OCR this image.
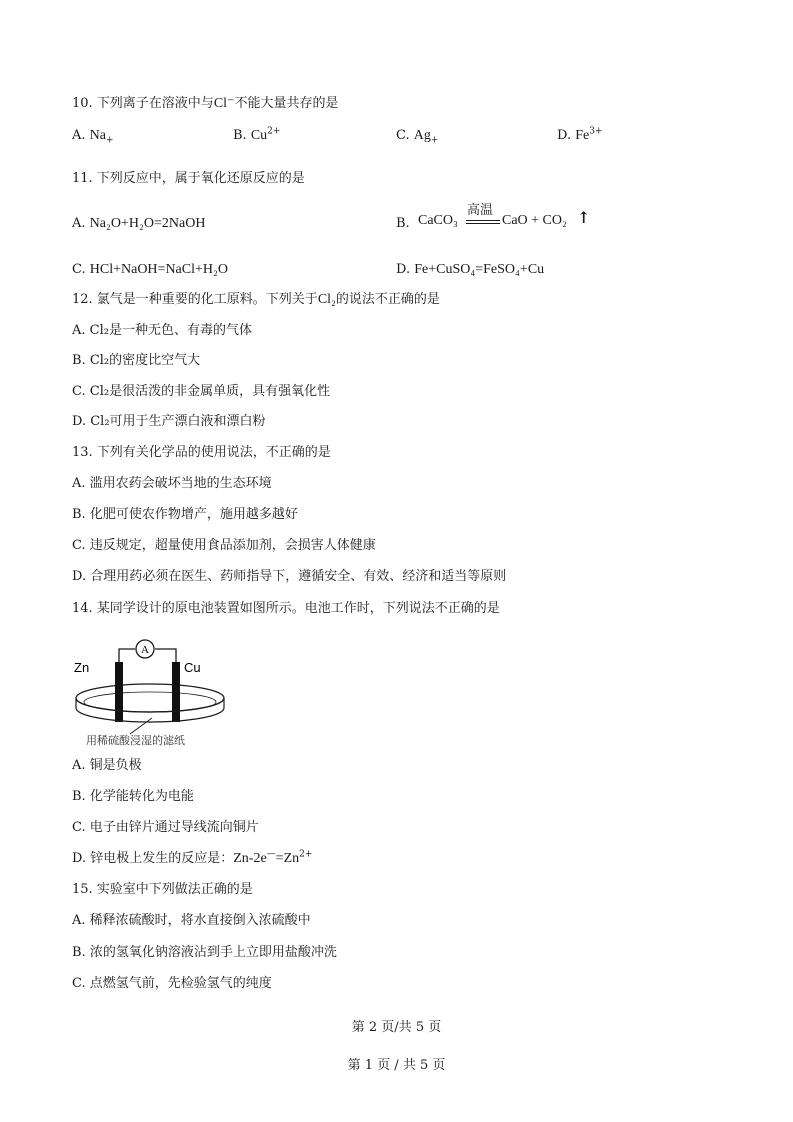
10. 下列离子在溶液中与Cl⁻不能大量共存的是
A. $Na_+$	B. $Cu^{2+}$	C. $Ag_+$	D. $Fe^{3+}$
11. 下列反应中，属于氧化还原反应的是
A. Na₂O+H₂O=2NaOH	B. CaCO₃
高温
CaO + CO₂ ↑
C. HCl+NaOH=NaCl+H₂O	D. Fe+CuSO₄=FeSO₄+Cu
12. 氯气是一种重要的化工原料。下列关于Cl₂的说法不正确的是
A. Cl₂是一种无色、有毒的气体
B. Cl₂的密度比空气大
C. Cl₂是很活泼的非金属单质，具有强氧化性
D. Cl₂可用于生产漂白液和漂白粉
13. 下列有关化学品的使用说法，不正确的是
A. 滥用农药会破坏当地的生态环境
B. 化肥可使农作物增产，施用越多越好
C. 违反规定，超量使用食品添加剂，会损害人体健康
D. 合理用药必须在医生、药师指导下，遵循安全、有效、经济和适当等原则
14. 某同学设计的原电池装置如图所示。电池工作时，下列说法不正确的是
A
Zn	Cu
用稀硫酸浸湿的滤纸
A. 铜是负极
B. 化学能转化为电能
C. 电子由锌片通过导线流向铜片
D. 锌电极上发生的反应是：$Zn-2e^—=Zn^{2+}$
15. 实验室中下列做法正确的是
A. 稀释浓硫酸时，将水直接倒入浓硫酸中
B. 浓的氢氧化钠溶液沾到手上立即用盐酸冲洗
C. 点燃氢气前，先检验氢气的纯度
第 2 页/共 5 页
第 1 页 / 共 5 页
